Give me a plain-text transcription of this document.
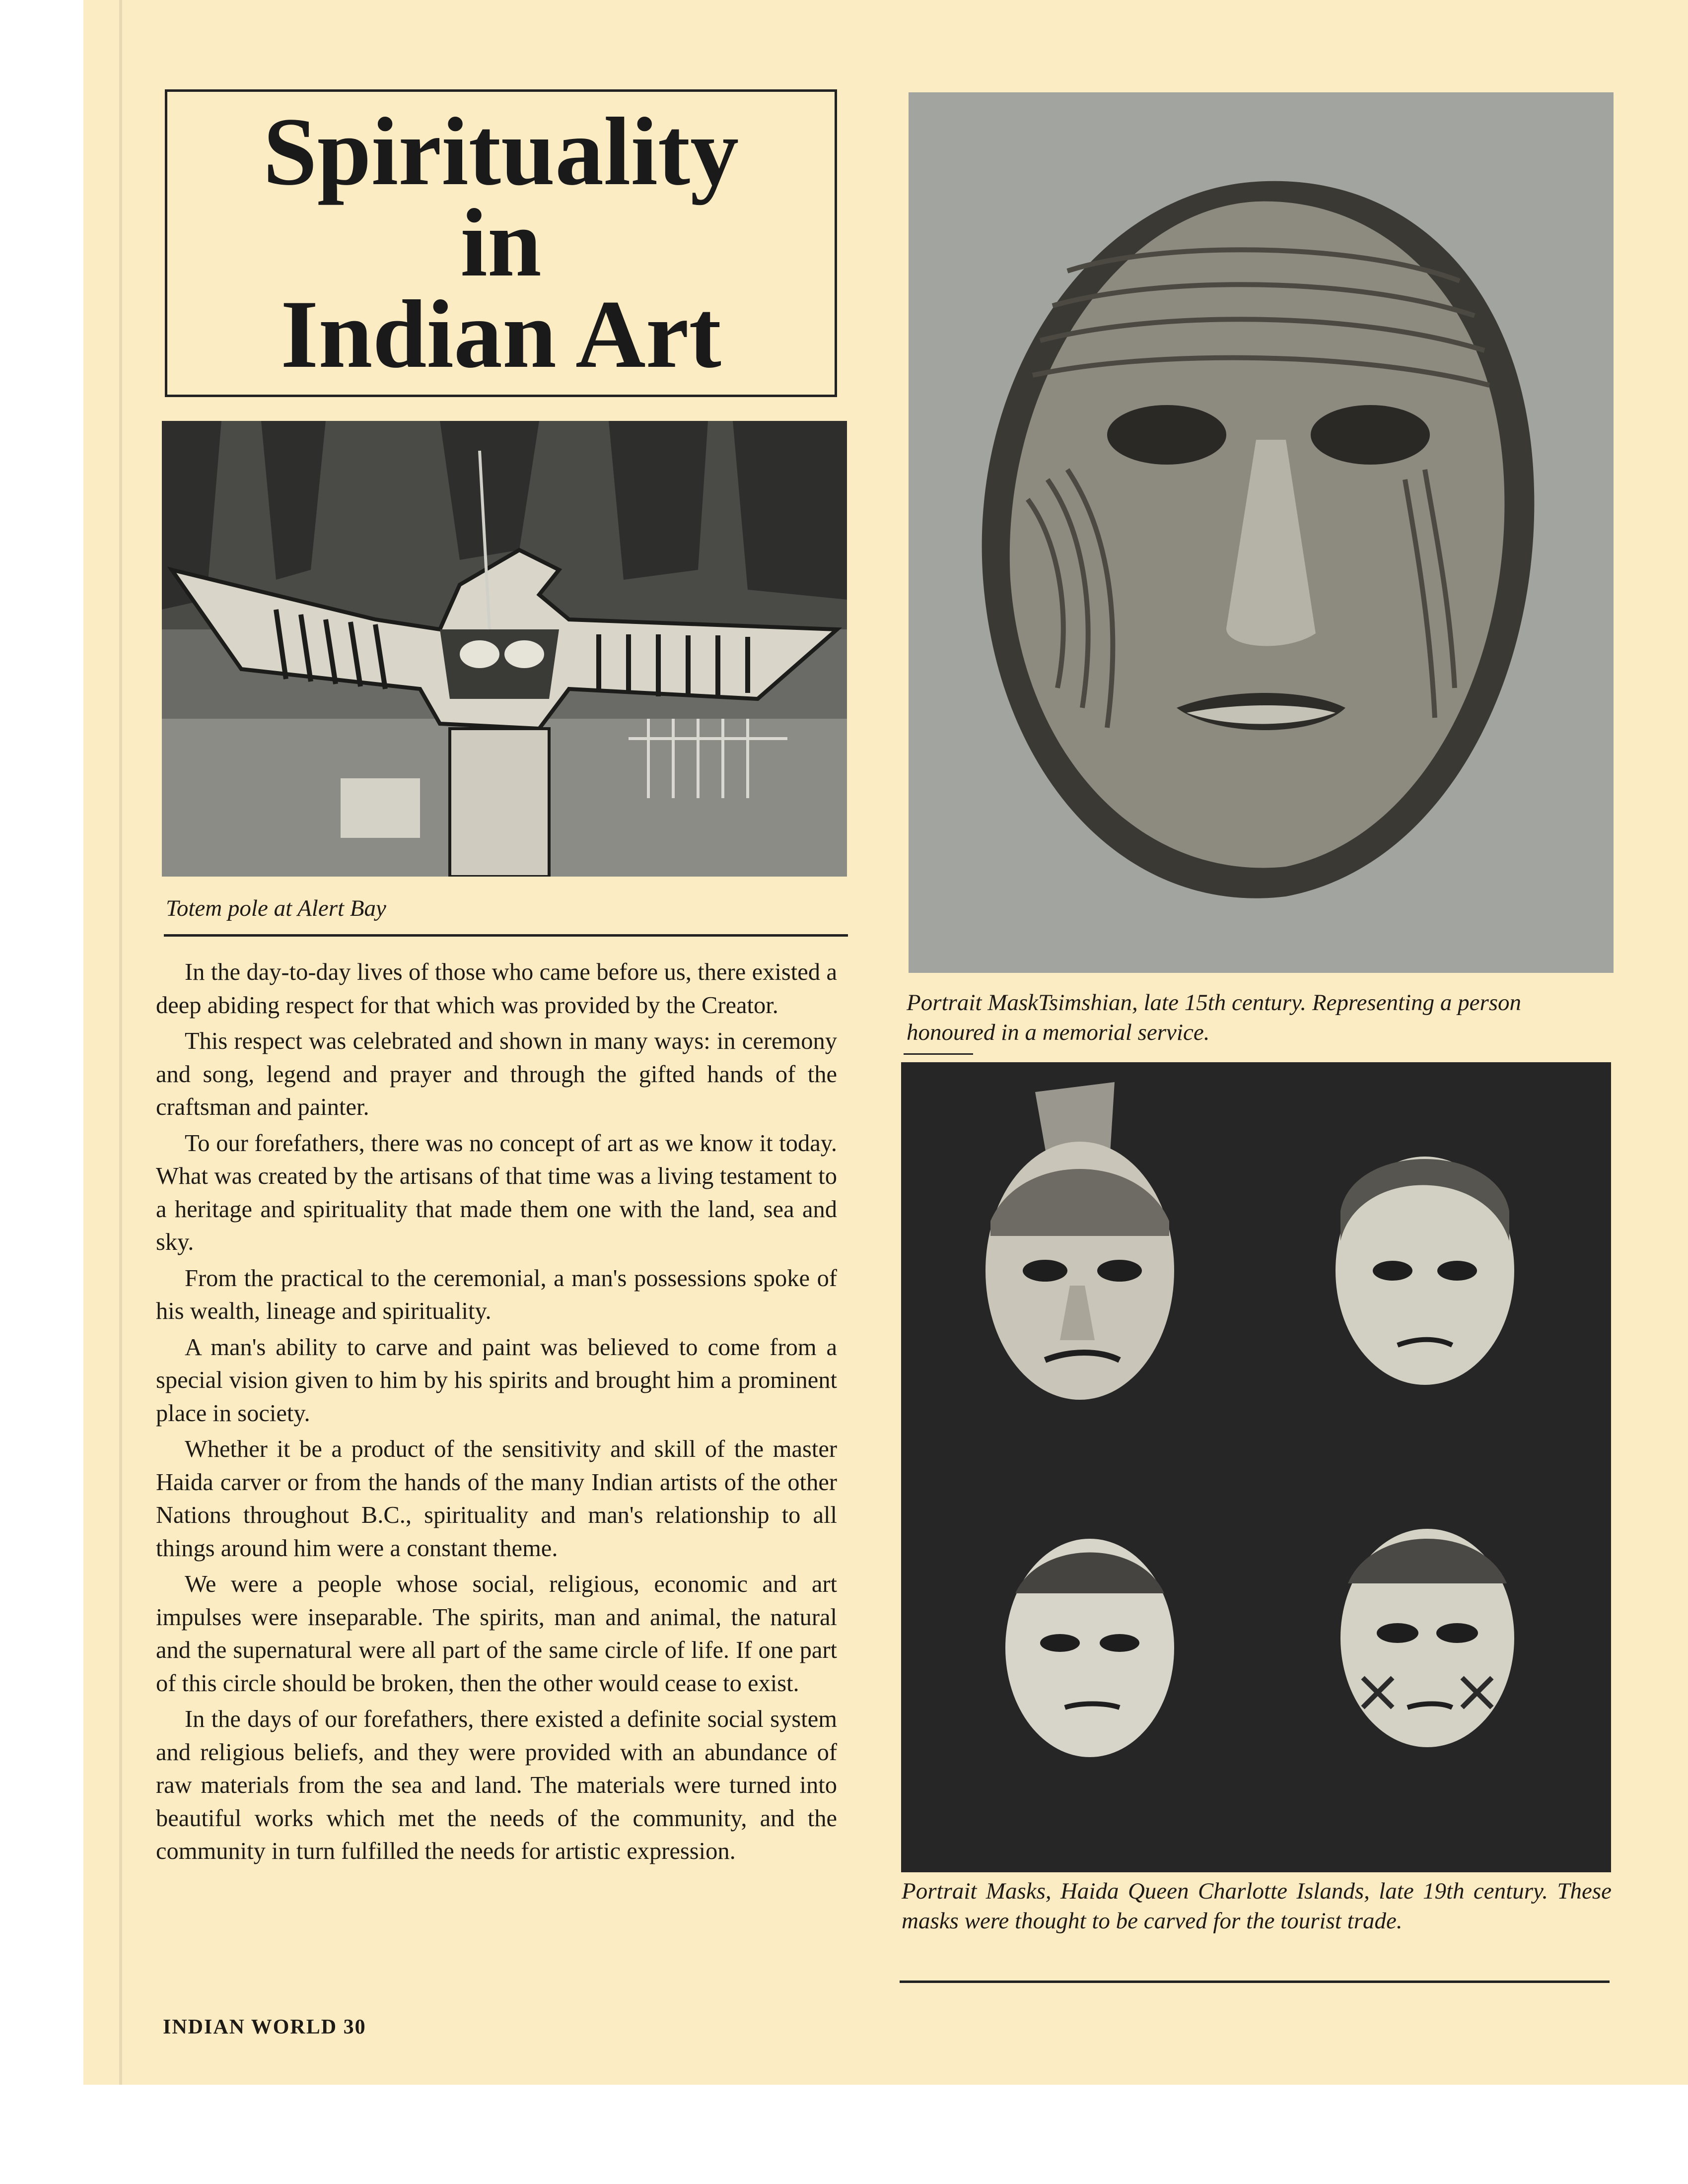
Spirituality
in
Indian Art

Totem pole at Alert Bay

Portrait MaskTsimshian, late 15th century. Representing a person honoured in a memorial service.

Portrait Masks, Haida Queen Charlotte Islands, late 19th century. These masks were thought to be carved for the tourist trade.

In the day-to-day lives of those who came before us, there existed a deep abiding respect for that which was provided by the Creator.

This respect was celebrated and shown in many ways: in ceremony and song, legend and prayer and through the gifted hands of the craftsman and painter.

To our forefathers, there was no concept of art as we know it today. What was created by the artisans of that time was a living testament to a heritage and spirituality that made them one with the land, sea and sky.

From the practical to the ceremonial, a man's possessions spoke of his wealth, lineage and spirituality.

A man's ability to carve and paint was believed to come from a special vision given to him by his spirits and brought him a prominent place in society.

Whether it be a product of the sensitivity and skill of the master Haida carver or from the hands of the many Indian artists of the other Nations throughout B.C., spirituality and man's relationship to all things around him were a constant theme.

We were a people whose social, religious, economic and art impulses were inseparable. The spirits, man and animal, the natural and the supernatural were all part of the same circle of life. If one part of this circle should be broken, then the other would cease to exist.

In the days of our forefathers, there existed a definite social system and religious beliefs, and they were provided with an abundance of raw materials from the sea and land. The materials were turned into beautiful works which met the needs of the community, and the community in turn fulfilled the needs for artistic expression.

INDIAN WORLD 30
